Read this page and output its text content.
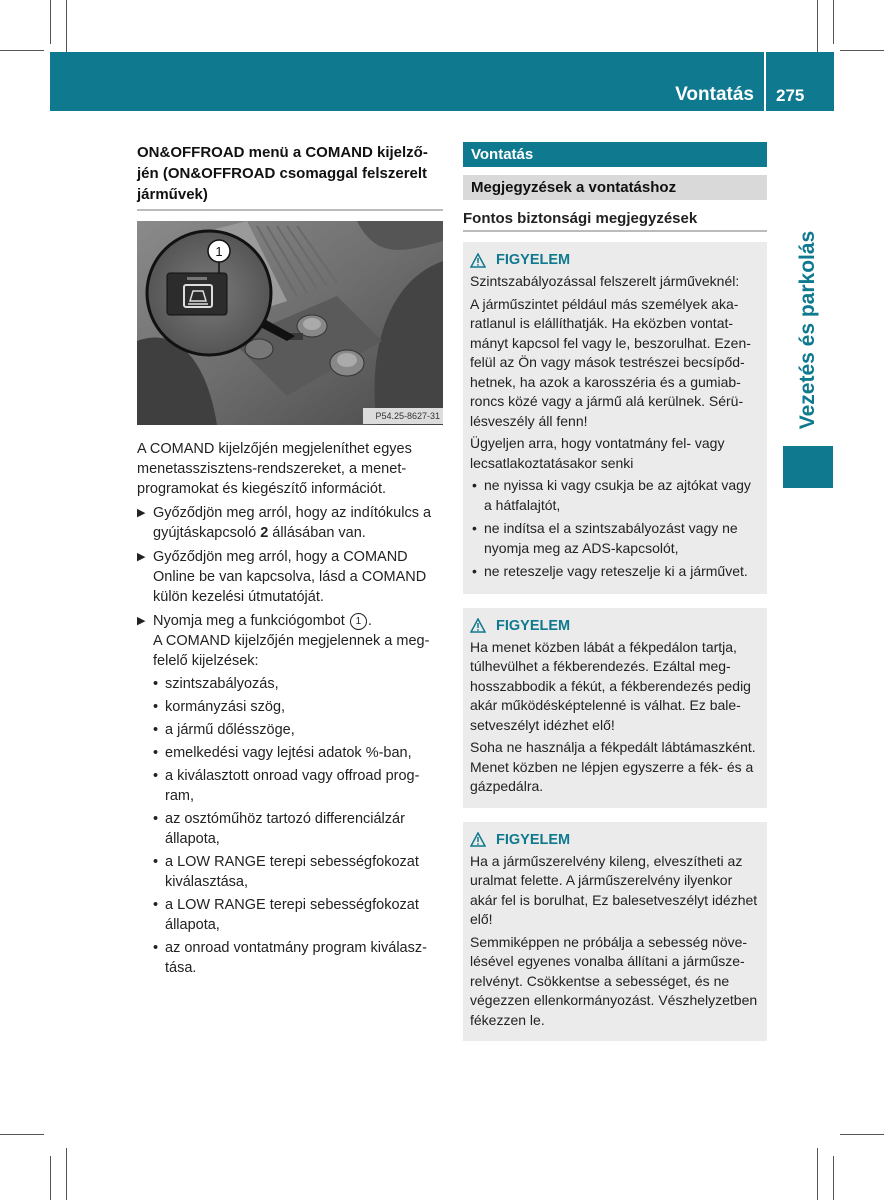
Vontatás 275
Vezetés és parkolás
ON&OFFROAD menü a COMAND kijelző-jén (ON&OFFROAD csomaggal felszerelt járművek)
1
P54.25-8627-31

A COMAND kijelzőjén megjeleníthet egyes menetasszisztens-rendszereket, a menet-programokat és kiegészítő információt.

▶ Győződjön meg arról, hogy az indítókulcs a gyújtáskapcsoló 2 állásában van.
▶ Győződjön meg arról, hogy a COMAND Online be van kapcsolva, lásd a COMAND külön kezelési útmutatóját.
▶ Nyomja meg a funkciógombot 1 .
A COMAND kijelzőjén megjelennek a meg-felelő kijelzések:
• szintszabályozás,
• kormányzási szög,
• a jármű dőlésszöge,
• emelkedési vagy lejtési adatok %-ban,
• a kiválasztott onroad vagy offroad prog-ram,
• az osztóműhöz tartozó differenciálzár állapota,
• a LOW RANGE terepi sebességfokozat kiválasztása,
• a LOW RANGE terepi sebességfokozat állapota,
• az onroad vontatmány program kiválasz-tása.
Vontatás
Megjegyzések a vontatáshoz
Fontos biztonsági megjegyzések
FIGYELEM

Szintszabályozással felszerelt járműveknél:

A járműszintet például más személyek aka-ratlanul is elállíthatják. Ha eközben vontat-mányt kapcsol fel vagy le, beszorulhat. Ezen-felül az Ön vagy mások testrészei becsípőd-hetnek, ha azok a karosszéria és a gumiab-roncs közé vagy a jármű alá kerülnek. Sérü-lésveszély áll fenn!

Ügyeljen arra, hogy vontatmány fel- vagy lecsatlakoztatásakor senki

• ne nyissa ki vagy csukja be az ajtókat vagy a hátfalajtót,
• ne indítsa el a szintszabályozást vagy ne nyomja meg az ADS-kapcsolót,
• ne reteszelje vagy reteszelje ki a járművet.
FIGYELEM

Ha menet közben lábát a fékpedálon tartja, túlhevülhet a fékberendezés. Ezáltal meg-hosszabbodik a fékút, a fékberendezés pedig akár működésképtelenné is válhat. Ez bale-setveszélyt idézhet elő!

Soha ne használja a fékpedált lábtámaszként. Menet közben ne lépjen egyszerre a fék- és a gázpedálra.

FIGYELEM

Ha a járműszerelvény kileng, elveszítheti az uralmat felette. A járműszerelvény ilyenkor akár fel is borulhat, Ez balesetveszélyt idézhet elő!

Semmiképpen ne próbálja a sebesség növe-lésével egyenes vonalba állítani a járműsze-relvényt. Csökkentse a sebességet, és ne végezzen ellenkormányozást. Vészhelyzetben fékezzen le.
